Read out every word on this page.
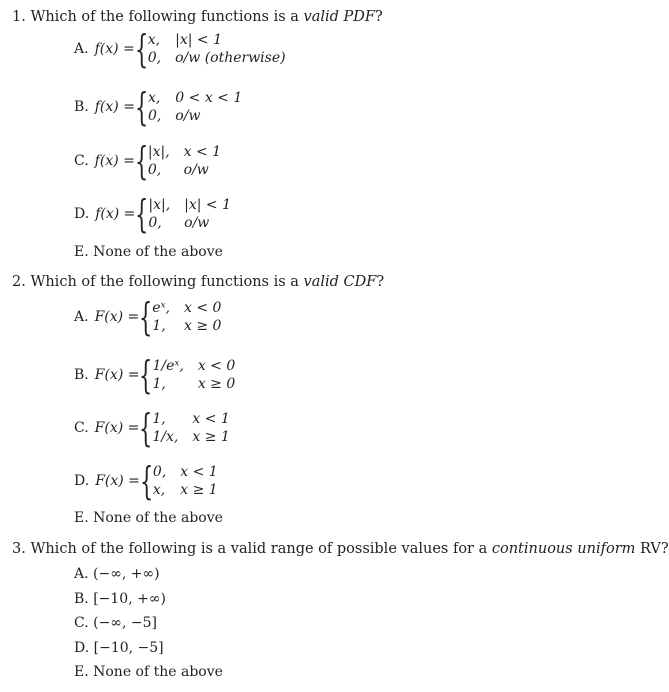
1. Which of the following functions is a valid PDF?
A. f(x) = { x, |x| < 1
0, o/w (otherwise)
B. f(x) = { x, 0 < x < 1
0, o/w
C. f(x) = { |x|, x < 1
0,	o/w
D. f(x) = { |x|, |x| < 1
0,	o/w
E. None of the above
2. Which of the following functions is a valid CDF?
A. F(x) = { eˣ, x < 0
1,	x ≥ 0
B. F(x) = { 1/eˣ, x < 0
1,	x ≥ 0
C. F(x) = { 1,	x < 1
1/x, x ≥ 1
D. F(x) = { 0, x < 1
x, x ≥ 1
E. None of the above
3. Which of the following is a valid range of possible values for a continuous uniform RV?
A. (−∞, +∞)
B. [−10, +∞)
C. (−∞, −5]
D. [−10, −5]
E. None of the above
